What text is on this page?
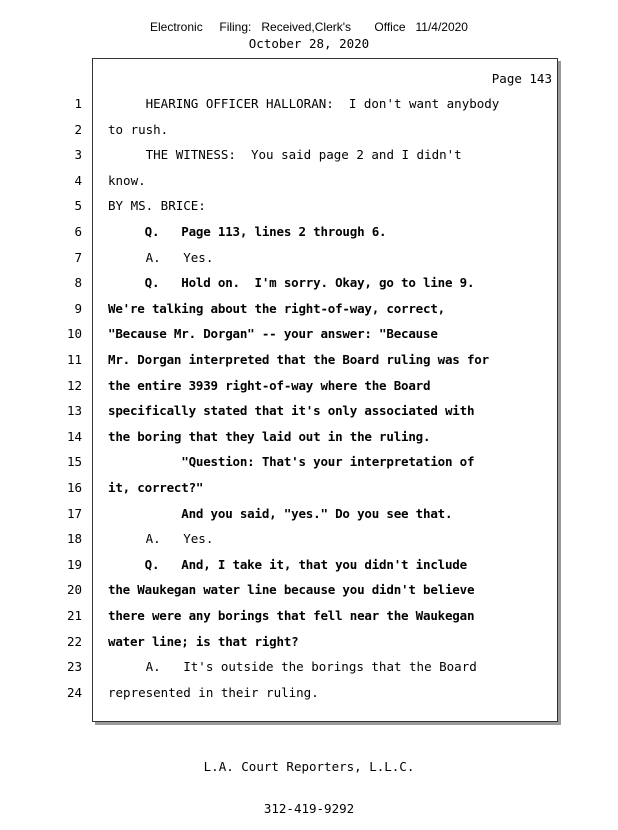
Electronic     Filing:   Received,Clerk's       Office   11/4/2020
October 28, 2020
Page 143
1 HEARING OFFICER HALLORAN:  I don't want anybody
2 to rush.
3 THE WITNESS:  You said page 2 and I didn't
4 know.
5 BY MS. BRICE:
6 Q.   Page 113, lines 2 through 6.
7 A.   Yes.
8 Q.   Hold on.  I'm sorry. Okay, go to line 9.
9 We're talking about the right-of-way, correct,
10 "Because Mr. Dorgan" -- your answer: "Because
11 Mr. Dorgan interpreted that the Board ruling was for
12 the entire 3939 right-of-way where the Board
13 specifically stated that it's only associated with
14 the boring that they laid out in the ruling.
15 "Question: That's your interpretation of
16 it, correct?"
17 And you said, "yes." Do you see that.
18 A.   Yes.
19 Q.   And, I take it, that you didn't include
20 the Waukegan water line because you didn't believe
21 there were any borings that fell near the Waukegan
22 water line; is that right?
23 A.   It's outside the borings that the Board
24 represented in their ruling.

L.A. Court Reporters, L.L.C.

312-419-9292
